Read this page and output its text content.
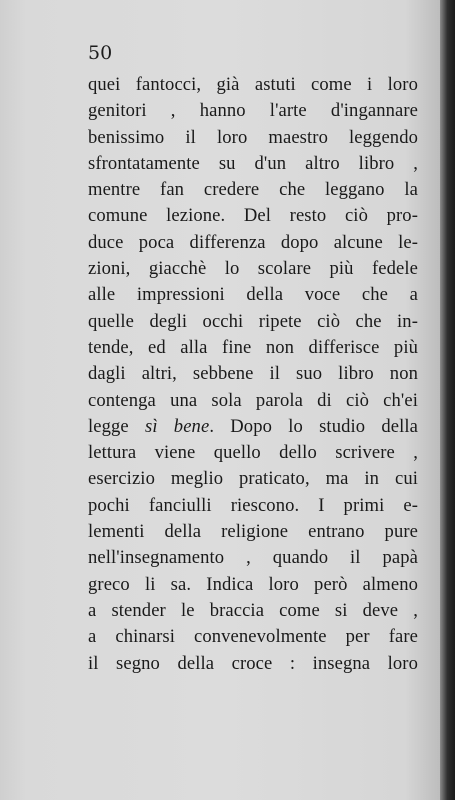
50

quei fantocci, già astuti come i loro
genitori , hanno l'arte d'ingannare
benissimo il loro maestro leggendo
sfrontatamente su d'un altro libro ,
mentre fan credere che leggano la
comune lezione. Del resto ciò pro-
duce poca differenza dopo alcune le-
zioni, giacchè lo scolare più fedele
alle impressioni della voce che a
quelle degli occhi ripete ciò che in-
tende, ed alla fine non differisce più
dagli altri, sebbene il suo libro non
contenga una sola parola di ciò ch'ei
legge sì bene. Dopo lo studio della
lettura viene quello dello scrivere ,
esercizio meglio praticato, ma in cui
pochi fanciulli riescono. I primi e-
lementi della religione entrano pure
nell'insegnamento , quando il papà
greco li sa. Indica loro però almeno
a stender le braccia come si deve ,
a chinarsi convenevolmente per fare
il segno della croce : insegna loro
